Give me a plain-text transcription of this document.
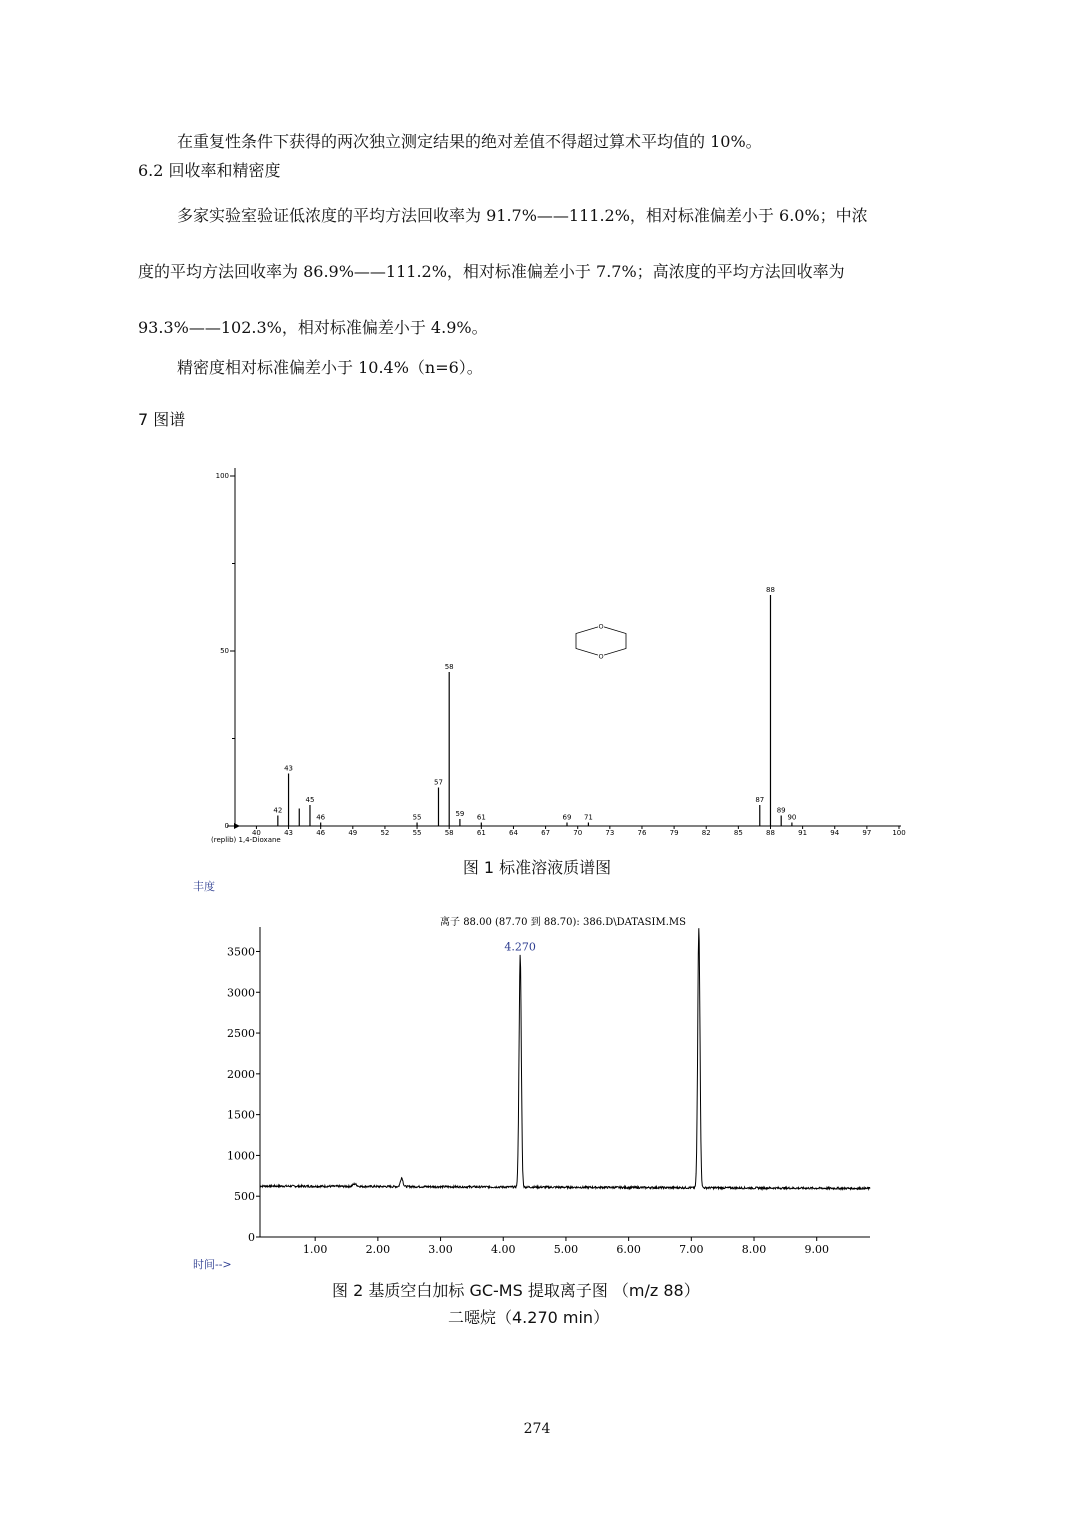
在重复性条件下获得的两次独立测定结果的绝对差值不得超过算术平均值的 10%。
6.2 回收率和精密度
多家实验室验证低浓度的平均方法回收率为 91.7%——111.2%，相对标准偏差小于 6.0%；中浓
度的平均方法回收率为 86.9%——111.2%，相对标准偏差小于 7.7%；高浓度的平均方法回收率为
93.3%——102.3%，相对标准偏差小于 4.9%。
精密度相对标准偏差小于 10.4%（n=6）。
7 图谱
0
50
100
40	43	46	49	52	55	58	61	64	67	70	73	76	79	82	85	88	91	94	97	100
(replib) 1,4-Dioxane
42
43
45
46	55
57
58
59 61	69 71
87
88
89
90
O
O
图 1 标准溶液质谱图
丰度
时间-->
离子 88.00 (87.70 到 88.70): 386.D\DATASIM.MS
0
500
1000
1500
2000
2500
3000
3500
1.00	2.00	3.00	4.00	5.00	6.00	7.00	8.00	9.00
4.270
图 2 基质空白加标 GC-MS 提取离子图 （m/z 88）
二噁烷（4.270 min）
274
